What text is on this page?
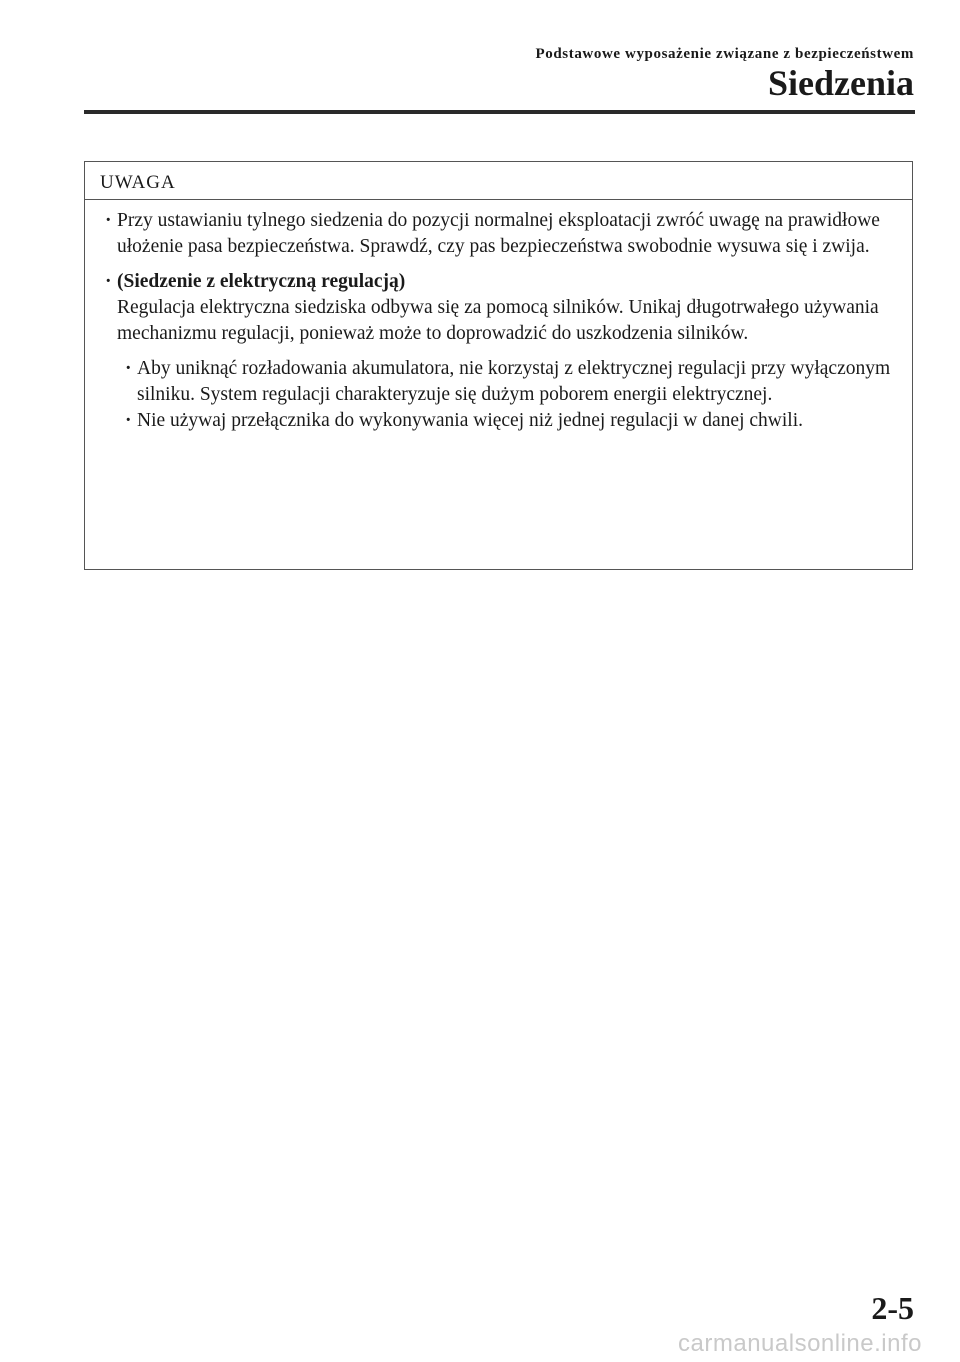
Podstawowe wyposażenie związane z bezpieczeństwem
Siedzenia
UWAGA
· Przy ustawianiu tylnego siedzenia do pozycji normalnej eksploatacji zwróć uwagę na prawidłowe ułożenie pasa bezpieczeństwa. Sprawdź, czy pas bezpieczeństwa swobodnie wysuwa się i zwija.
· (Siedzenie z elektryczną regulacją)
Regulacja elektryczna siedziska odbywa się za pomocą silników. Unikaj długotrwałego używania mechanizmu regulacji, ponieważ może to doprowadzić do uszkodzenia silników.
· Aby uniknąć rozładowania akumulatora, nie korzystaj z elektrycznej regulacji przy wyłączonym silniku. System regulacji charakteryzuje się dużym poborem energii elektrycznej.
· Nie używaj przełącznika do wykonywania więcej niż jednej regulacji w danej chwili.
2-5
carmanualsonline.info
